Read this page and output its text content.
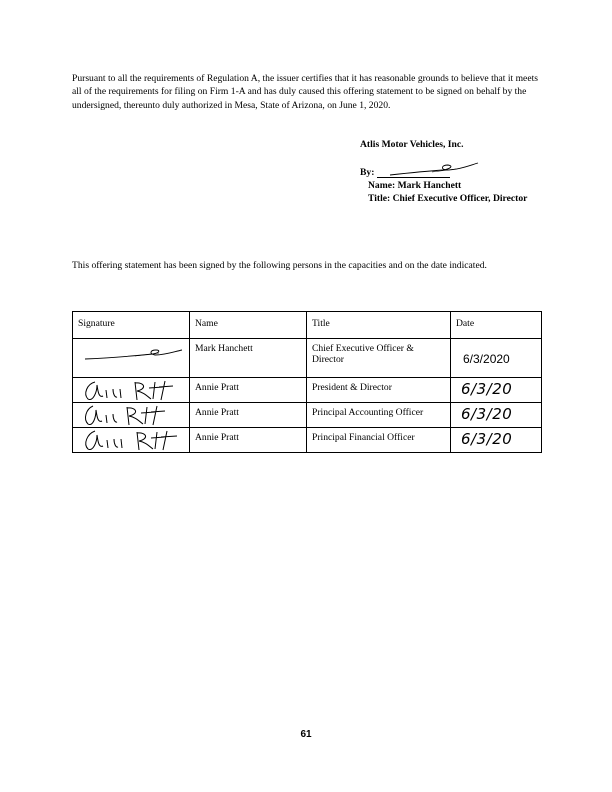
Pursuant to all the requirements of Regulation A, the issuer certifies that it has reasonable grounds to believe that it meets all of the requirements for filing on Firm 1-A and has duly caused this offering statement to be signed on behalf by the undersigned, thereunto duly authorized in Mesa, State of Arizona, on June 1, 2020.

Atlis Motor Vehicles, Inc.
By:
Name: Mark Hanchett
Title: Chief Executive Officer, Director

This offering statement has been signed by the following persons in the capacities and on the date indicated.

Signature	Name	Title	Date

	Mark Hanchett	Chief Executive Officer & Director	6/3/2020

	Annie Pratt	President & Director	6/3/20

	Annie Pratt	Principal Accounting Officer	6/3/20

	Annie Pratt	Principal Financial Officer	6/3/20
61
